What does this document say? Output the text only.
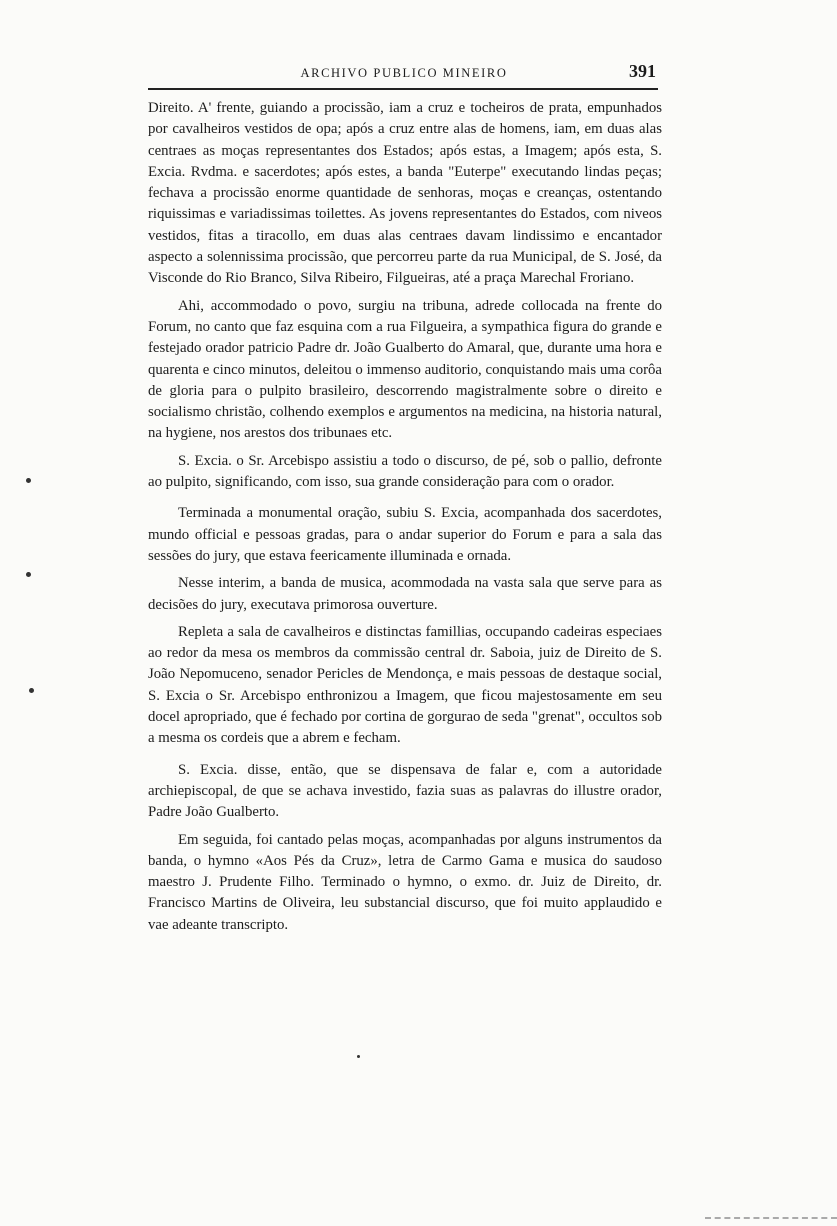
ARCHIVO PUBLICO MINEIRO	391

Direito. A' frente, guiando a procissão, iam a cruz e tocheiros de prata, empunhados por cavalheiros vestidos de opa; após a cruz entre alas de homens, iam, em duas alas centraes as moças representantes dos Estados; após estas, a Imagem; após esta, S. Excia. Rvdma. e sacerdotes; após estes, a banda "Euterpe" executando lindas peças; fechava a procissão enorme quantidade de senhoras, moças e creanças, ostentando riquissimas e variadissimas toilettes. As jovens representantes do Estados, com niveos vestidos, fitas a tiracollo, em duas alas centraes davam lindissimo e encantador aspecto a solennissima procissão, que percorreu parte da rua Municipal, de S. José, da Visconde do Rio Branco, Silva Ribeiro, Filgueiras, até a praça Marechal Froriano.

Ahi, accommodado o povo, surgiu na tribuna, adrede collocada na frente do Forum, no canto que faz esquina com a rua Filgueira, a sympathica figura do grande e festejado orador patricio Padre dr. João Gualberto do Amaral, que, durante uma hora e quarenta e cinco minutos, deleitou o immenso auditorio, conquistando mais uma corôa de gloria para o pulpito brasileiro, descorrendo magistralmente sobre o direito e socialismo christão, colhendo exemplos e argumentos na medicina, na historia natural, na hygiene, nos arestos dos tribunaes etc.

S. Excia. o Sr. Arcebispo assistiu a todo o discurso, de pé, sob o pallio, defronte ao pulpito, significando, com isso, sua grande consideração para com o orador.

Terminada a monumental oração, subiu S. Excia, acompanhada dos sacerdotes, mundo official e pessoas gradas, para o andar superior do Forum e para a sala das sessões do jury, que estava feericamente illuminada e ornada.

Nesse interim, a banda de musica, acommodada na vasta sala que serve para as decisões do jury, executava primorosa ouverture.

Repleta a sala de cavalheiros e distinctas famillias, occupando cadeiras especiaes ao redor da mesa os membros da commissão central dr. Saboia, juiz de Direito de S. João Nepomuceno, senador Pericles de Mendonça, e mais pessoas de destaque social, S. Excia o Sr. Arcebispo enthronizou a Imagem, que ficou majestosamente em seu docel apropriado, que é fechado por cortina de gorgurao de seda "grenat", occultos sob a mesma os cordeis que a abrem e fecham.

S. Excia. disse, então, que se dispensava de falar e, com a autoridade archiepiscopal, de que se achava investido, fazia suas as palavras do illustre orador, Padre João Gualberto.

Em seguida, foi cantado pelas moças, acompanhadas por alguns instrumentos da banda, o hymno «Aos Pés da Cruz», letra de Carmo Gama e musica do saudoso maestro J. Prudente Filho. Terminado o hymno, o exmo. dr. Juiz de Direito, dr. Francisco Martins de Oliveira, leu substancial discurso, que foi muito applaudido e vae adeante transcripto.
